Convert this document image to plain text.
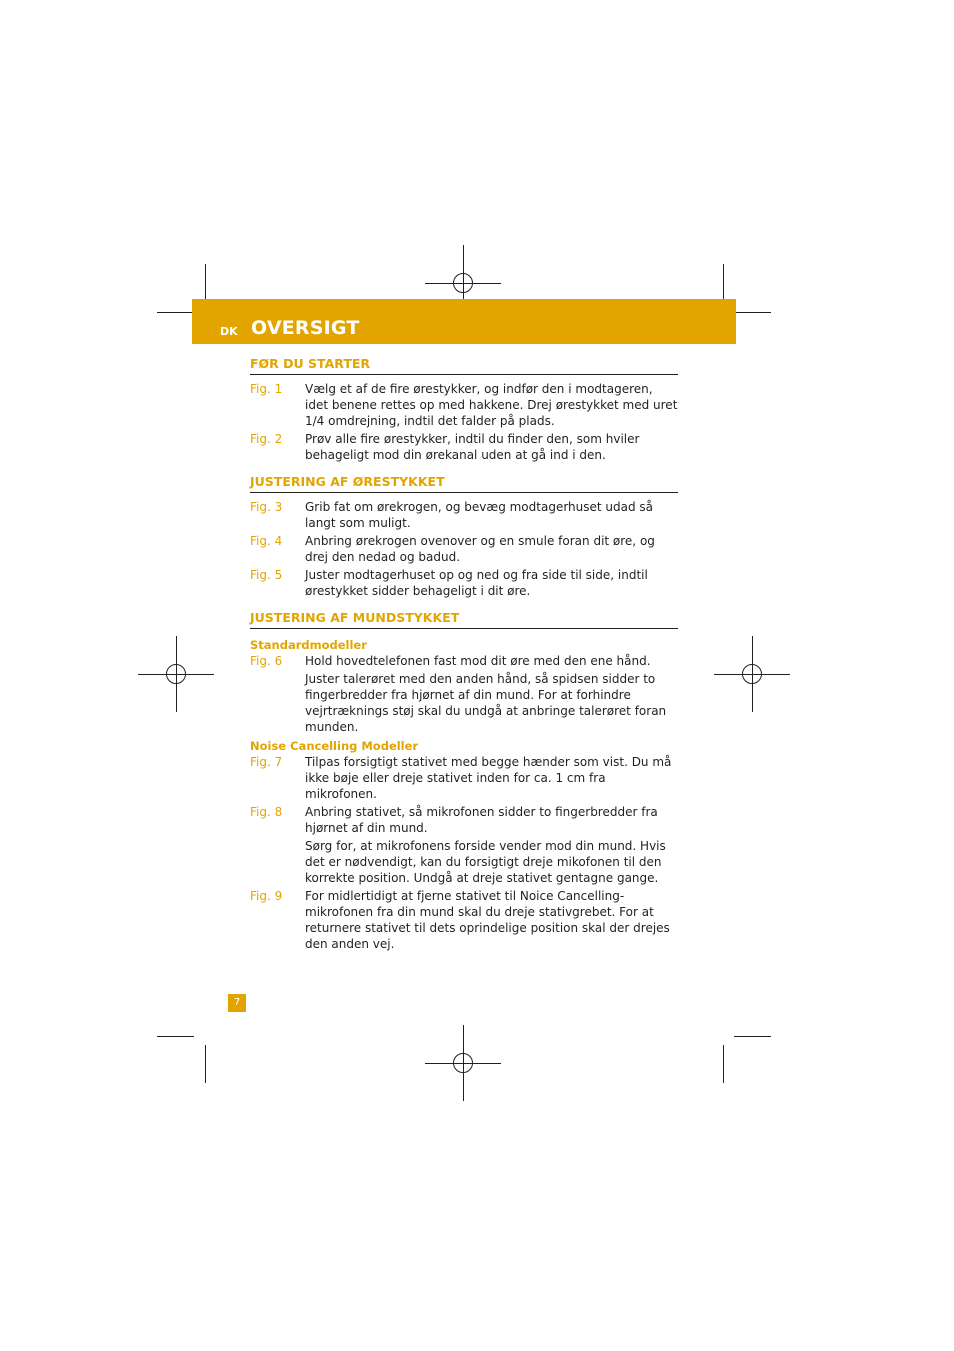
DK OVERSIGT
FØR DU STARTER
Fig. 1	Vælg et af de fire ørestykker, og indfør den i modtageren, idet benene rettes op med hakkene. Drej ørestykket med uret 1/4 omdrejning, indtil det falder på plads.
Fig. 2	Prøv alle fire ørestykker, indtil du finder den, som hviler behageligt mod din ørekanal uden at gå ind i den.
JUSTERING AF ØRESTYKKET
Fig. 3	Grib fat om ørekrogen, og bevæg modtagerhuset udad så langt som muligt.
Fig. 4	Anbring ørekrogen ovenover og en smule foran dit øre, og drej den nedad og badud.
Fig. 5	Juster modtagerhuset op og ned og fra side til side, indtil ørestykket sidder behageligt i dit øre.
JUSTERING AF MUNDSTYKKET
Standardmodeller
Fig. 6	Hold hovedtelefonen fast mod dit øre med den ene hånd.
Juster talerøret med den anden hånd, så spidsen sidder to fingerbredder fra hjørnet af din mund. For at forhindre vejrtræknings støj skal du undgå at anbringe talerøret foran munden.
Noise Cancelling Modeller
Fig. 7	Tilpas forsigtigt stativet med begge hænder som vist. Du må ikke bøje eller dreje stativet inden for ca. 1 cm fra mikrofonen.
Fig. 8	Anbring stativet, så mikrofonen sidder to fingerbredder fra hjørnet af din mund.
Sørg for, at mikrofonens forside vender mod din mund. Hvis det er nødvendigt, kan du forsigtigt dreje mikofonen til den korrekte position. Undgå at dreje stativet gentagne gange.
Fig. 9	For midlertidigt at fjerne stativet til Noice Cancelling-mikrofonen fra din mund skal du dreje stativgrebet. For at returnere stativet til dets oprindelige position skal der drejes den anden vej.
7
